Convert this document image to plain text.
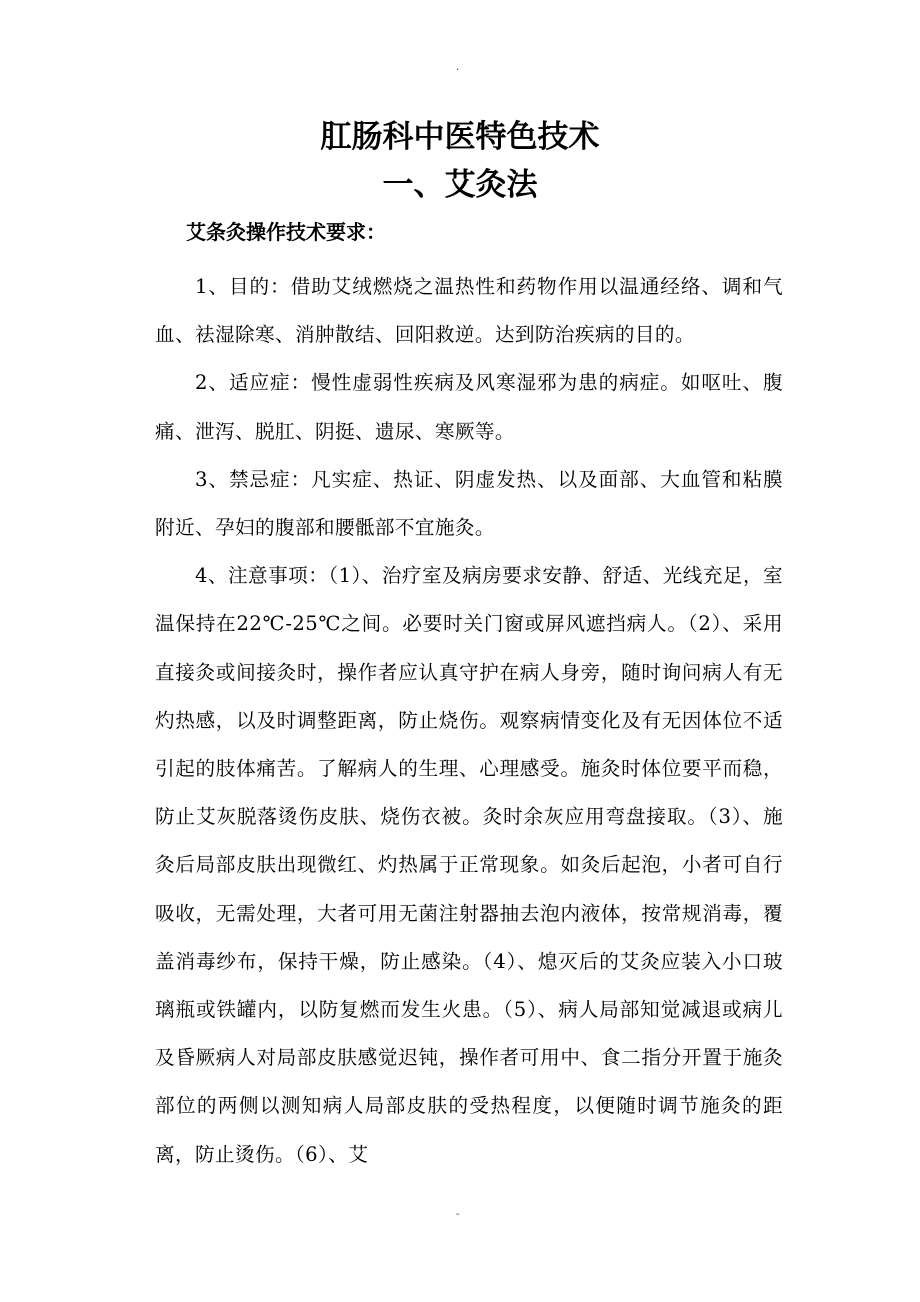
·
肛肠科中医特色技术
一、艾灸法

艾条灸操作技术要求：

1、目的：借助艾绒燃烧之温热性和药物作用以温通经络、调和气血、祛湿除寒、消肿散结、回阳救逆。达到防治疾病的目的。

2、适应症：慢性虚弱性疾病及风寒湿邪为患的病症。如呕吐、腹痛、泄泻、脱肛、阴挺、遗尿、寒厥等。

3、禁忌症：凡实症、热证、阴虚发热、以及面部、大血管和粘膜附近、孕妇的腹部和腰骶部不宜施灸。

4、注意事项：（1）、治疗室及病房要求安静、舒适、光线充足，室温保持在22℃-25℃之间。必要时关门窗或屏风遮挡病人。（2）、采用直接灸或间接灸时，操作者应认真守护在病人身旁，随时询问病人有无灼热感，以及时调整距离，防止烧伤。观察病情变化及有无因体位不适引起的肢体痛苦。了解病人的生理、心理感受。施灸时体位要平而稳，防止艾灰脱落烫伤皮肤、烧伤衣被。灸时余灰应用弯盘接取。（3）、施灸后局部皮肤出现微红、灼热属于正常现象。如灸后起泡，小者可自行吸收，无需处理，大者可用无菌注射器抽去泡内液体，按常规消毒，覆盖消毒纱布，保持干燥，防止感染。（4）、熄灭后的艾灸应装入小口玻璃瓶或铁罐内，以防复燃而发生火患。（5）、病人局部知觉减退或病儿及昏厥病人对局部皮肤感觉迟钝，操作者可用中、食二指分开置于施灸部位的两侧以测知病人局部皮肤的受热程度，以便随时调节施灸的距离，防止烫伤。（6）、艾

-
